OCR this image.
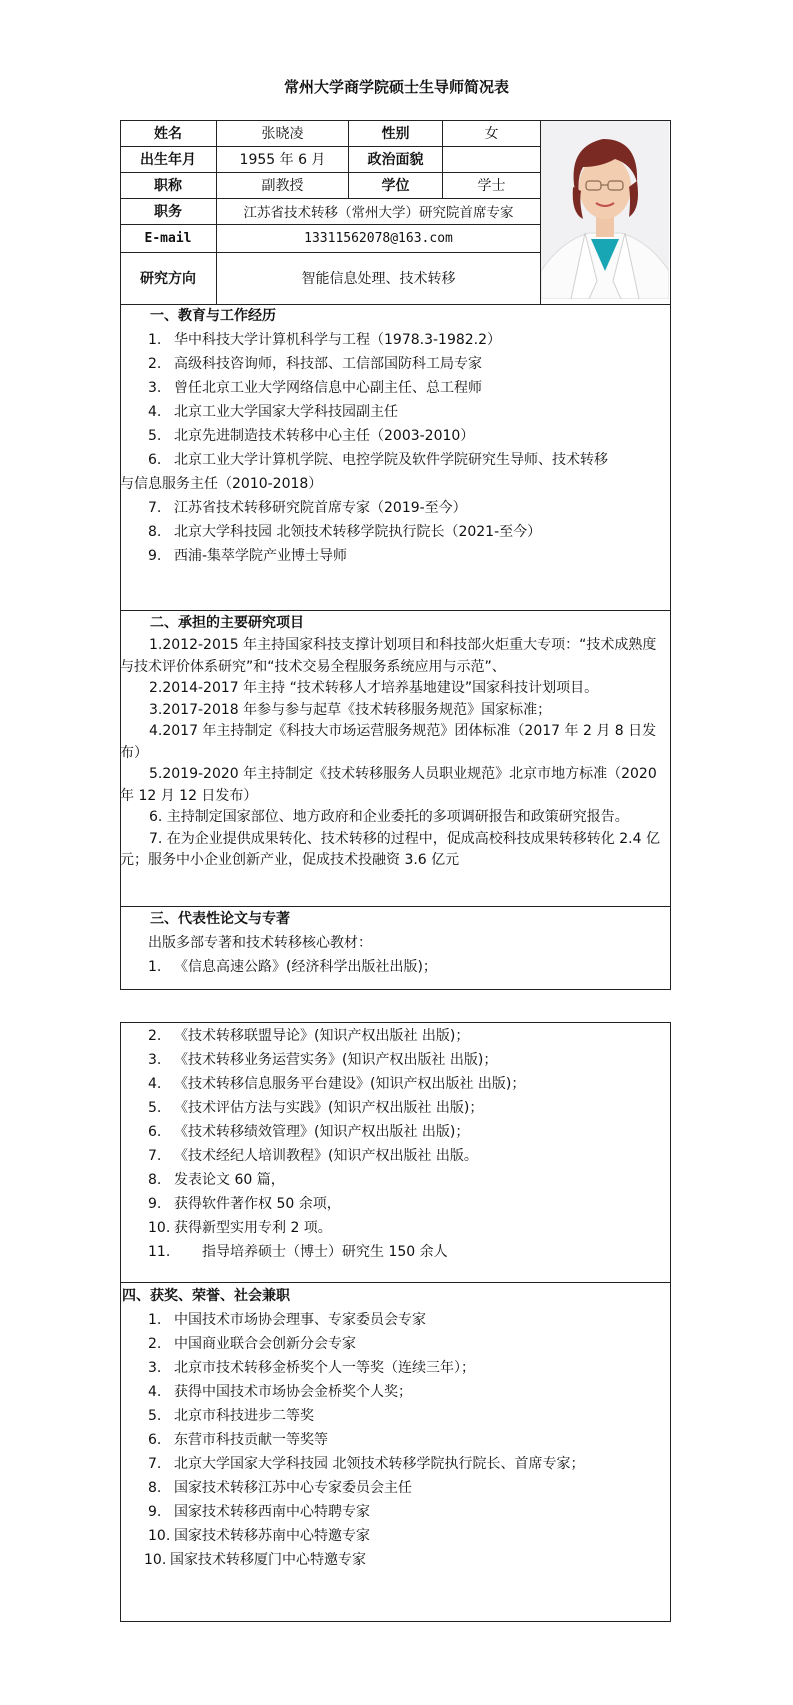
常州大学商学院硕士生导师简况表
姓名	张晓凌	性别	女
出生年月	1955 年 6 月	政治面貌
职称	副教授	学位	学士
职务	江苏省技术转移（常州大学）研究院首席专家
E-mail	13311562078@163.com
研究方向	智能信息处理、技术转移
一、教育与工作经历
1. 华中科技大学计算机科学与工程（1978.3-1982.2）
2. 高级科技咨询师，科技部、工信部国防科工局专家
3. 曾任北京工业大学网络信息中心副主任、总工程师
4. 北京工业大学国家大学科技园副主任
5. 北京先进制造技术转移中心主任（2003-2010）
6. 北京工业大学计算机学院、电控学院及软件学院研究生导师、技术转移
与信息服务主任（2010-2018）
7. 江苏省技术转移研究院首席专家（2019-至今）
8. 北京大学科技园 北领技术转移学院执行院长（2021-至今）
9. 西浦-集萃学院产业博士导师
二、承担的主要研究项目
1.2012-2015 年主持国家科技支撑计划项目和科技部火炬重大专项：“技术成熟度与技术评价体系研究”和“技术交易全程服务系统应用与示范”、
2.2014-2017 年主持 “技术转移人才培养基地建设”国家科技计划项目。
3.2017-2018 年参与参与起草《技术转移服务规范》国家标准；
4.2017 年主持制定《科技大市场运营服务规范》团体标准（2017 年 2 月 8 日发布）
5.2019-2020 年主持制定《技术转移服务人员职业规范》北京市地方标准（2020 年 12 月 12 日发布）
6. 主持制定国家部位、地方政府和企业委托的多项调研报告和政策研究报告。
7. 在为企业提供成果转化、技术转移的过程中，促成高校科技成果转移转化 2.4 亿元；服务中小企业创新产业，促成技术投融资 3.6 亿元
三、代表性论文与专著
出版多部专著和技术转移核心教材：
1. 《信息高速公路》(经济科学出版社出版)；
2. 《技术转移联盟导论》(知识产权出版社 出版)；
3. 《技术转移业务运营实务》(知识产权出版社 出版)；
4. 《技术转移信息服务平台建设》(知识产权出版社 出版)；
5. 《技术评估方法与实践》(知识产权出版社 出版)；
6. 《技术转移绩效管理》(知识产权出版社 出版)；
7. 《技术经纪人培训教程》(知识产权出版社 出版。
8. 发表论文 60 篇，
9. 获得软件著作权 50 余项，
10. 获得新型实用专利 2 项。
11. 指导培养硕士（博士）研究生 150 余人
四、获奖、荣誉、社会兼职
1. 中国技术市场协会理事、专家委员会专家
2. 中国商业联合会创新分会专家
3. 北京市技术转移金桥奖个人一等奖（连续三年）；
4. 获得中国技术市场协会金桥奖个人奖；
5. 北京市科技进步二等奖
6. 东营市科技贡献一等奖等
7. 北京大学国家大学科技园 北领技术转移学院执行院长、首席专家；
8. 国家技术转移江苏中心专家委员会主任
9. 国家技术转移西南中心特聘专家
10. 国家技术转移苏南中心特邀专家
10. 国家技术转移厦门中心特邀专家
